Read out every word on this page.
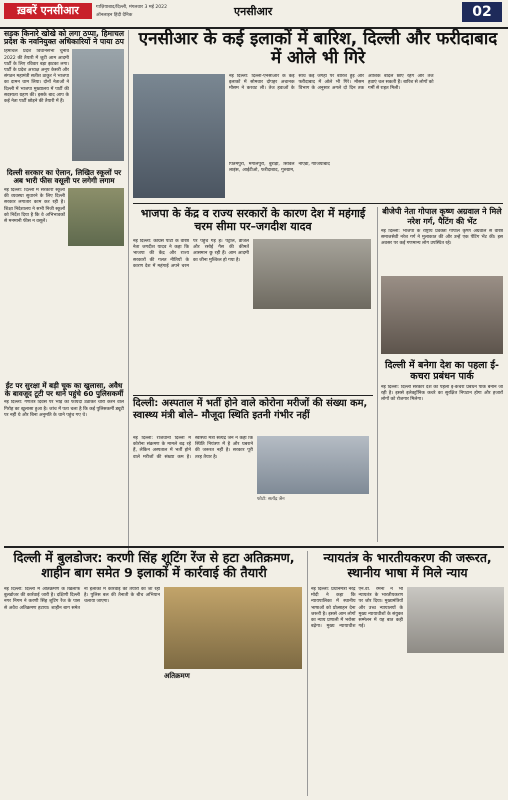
ख़बरें एनसीआर	गाज़ियाबाद/दिल्ली, मंगलवार 3 मई 2022
ऑनलाइन हिंदी दैनिक	एनसीआर	02
सड़क किनारे खोखे को लगा ठप्पा, हिमाचल प्रदेश के नवनियुक्त अधिकारियों ने पाया ठप
हिमाचल प्रदेश विधानसभा चुनाव 2022 की तैयारी में जुटी आम आदमी पार्टी के लिए रविवार बड़ा झटका लगा। पार्टी के प्रदेश अध्यक्ष अनूप केसरी और संगठन महामंत्री सतीश ठाकुर ने भाजपा का दामन थाम लिया। दोनों नेताओं ने दिल्ली में भाजपा मुख्यालय में पार्टी की सदस्यता ग्रहण की। इसके बाद आप के कई नेता पार्टी छोड़ने की तैयारी में हैं।
दिल्ली सरकार का ऐलान, लिखित स्कूलों पर अब भारी फीस वसूली पर लगेगी लगाम
नई दिल्ली: दिल्ली में सरकारी स्कूलों की व्यवस्था सुधारने के लिए दिल्ली सरकार लगातार काम कर रही है। शिक्षा निदेशालय ने सभी निजी स्कूलों को निर्देश दिया है कि वे अभिभावकों से मनमानी फीस न वसूलें।
ईंट पर सुरक्षा में बड़ी चूक का खुलासा, अवैध के बावजूद टूटी पर थाने पहुंचे 60 पुलिसकर्मी
नई दिल्ली: गणतंत्र दिवस पर भीड़ का फायदा उठाकर चोरी करने वाले गिरोह का खुलासा हुआ है। जांच में पता चला है कि कई पुलिसकर्मी ड्यूटी पर नहीं थे और बिना अनुमति के थाने पहुंच गए थे।
एनसीआर के कई इलाकों में बारिश, दिल्ली और फरीदाबाद में ओले भी गिरे
नई दिल्ली: दिल्ली-एनसीआर के कई इलाकों में सोमवार दोपहर अचानक मौसम ने करवट ली। तेज हवाओं के साथ कई जगहों पर बारिश हुई और फरीदाबाद में ओले भी गिरे। मौसम विभाग के अनुसार अगले दो दिन तक आंशिक बादल छाए रहेंगे और तेज हवाएं चल सकती हैं। बारिश से लोगों को गर्मी से राहत मिली।
पितमपुरा, मंगोलपुरी, बुराड़ी, सिविल लाइंस, आईटीओ, फरीदाबाद, गुरुग्राम, नोएडा, गाजियाबाद
भाजपा के केंद्र व राज्य सरकारों के कारण देश में महंगाई चरम सीमा पर–जगदीश यादव
नई दिल्ली: कांग्रेस पार्टी के वरिष्ठ नेता जगदीश यादव ने कहा कि भाजपा की केंद्र और राज्य सरकारों की गलत नीतियों के कारण देश में महंगाई अपने चरम पर पहुंच गई है। पेट्रोल, डीजल और रसोई गैस की कीमतें आसमान छू रही हैं। आम आदमी का जीना मुश्किल हो गया है।
बीजेपी नेता गोपाल कृष्ण अग्रवाल ने मिले नरेश गर्ग, पैटिंग की भेंट
नई दिल्ली: भाजपा के राष्ट्रीय प्रवक्ता गोपाल कृष्ण अग्रवाल से वरिष्ठ समाजसेवी नरेश गर्ग ने मुलाकात की और उन्हें एक पेंटिंग भेंट की। इस अवसर पर कई गणमान्य लोग उपस्थित रहे।
दिल्ली में बनेगा देश का पहला ई-कचरा प्रबंधन पार्क
नई दिल्ली: दिल्ली सरकार देश का पहला ई-कचरा प्रबंधन पार्क बनाने जा रही है। इससे इलेक्ट्रॉनिक कचरे का सुरक्षित निपटान होगा और हजारों लोगों को रोजगार मिलेगा।
दिल्ली: अस्पताल में भर्ती होने वाले कोरोना मरीजों की संख्या कम, स्वास्थ्य मंत्री बोले– मौजूदा स्थिति इतनी गंभीर नहीं
फोटो: सत्येंद्र जैन
नई दिल्ली: राजधानी दिल्ली में कोरोना संक्रमण के मामले बढ़ रहे हैं, लेकिन अस्पताल में भर्ती होने वाले मरीजों की संख्या कम है। स्वास्थ्य मंत्री सत्येंद्र जैन ने कहा कि स्थिति नियंत्रण में है और घबराने की जरूरत नहीं है। सरकार पूरी तरह तैयार है।
दिल्ली में बुलडोजर: करणी सिंह शूटिंग रेंज से हटा अतिक्रमण, शाहीन बाग समेत 9 इलाकों में कार्रवाई की तैयारी
नई दिल्ली: दिल्ली में अतिक्रमण के खिलाफ बुलडोजर की कार्रवाई जारी है। दक्षिणी दिल्ली नगर निगम ने करणी सिंह शूटिंग रेंज के पास से अवैध अतिक्रमण हटाया। शाहीन बाग समेत नौ इलाकों में कार्रवाई की तैयारी की जा रही है। पुलिस बल की तैनाती के बीच अभियान चलाया जाएगा।
अतिक्रमण
न्यायतंत्र के भारतीयकरण की जरूरत, स्थानीय भाषा में मिले न्याय
नई दिल्ली: प्रधानमंत्री नरेंद्र मोदी ने कहा कि न्यायपालिका में स्थानीय भाषाओं को प्रोत्साहन देना जरूरी है। इससे आम लोगों का न्याय प्रणाली में भरोसा बढ़ेगा। मुख्य न्यायाधीश एन.वी. रमना ने भी न्यायतंत्र के भारतीयकरण पर जोर दिया। मुख्यमंत्रियों और उच्च न्यायालयों के मुख्य न्यायाधीशों के संयुक्त सम्मेलन में यह बात कही गई।
